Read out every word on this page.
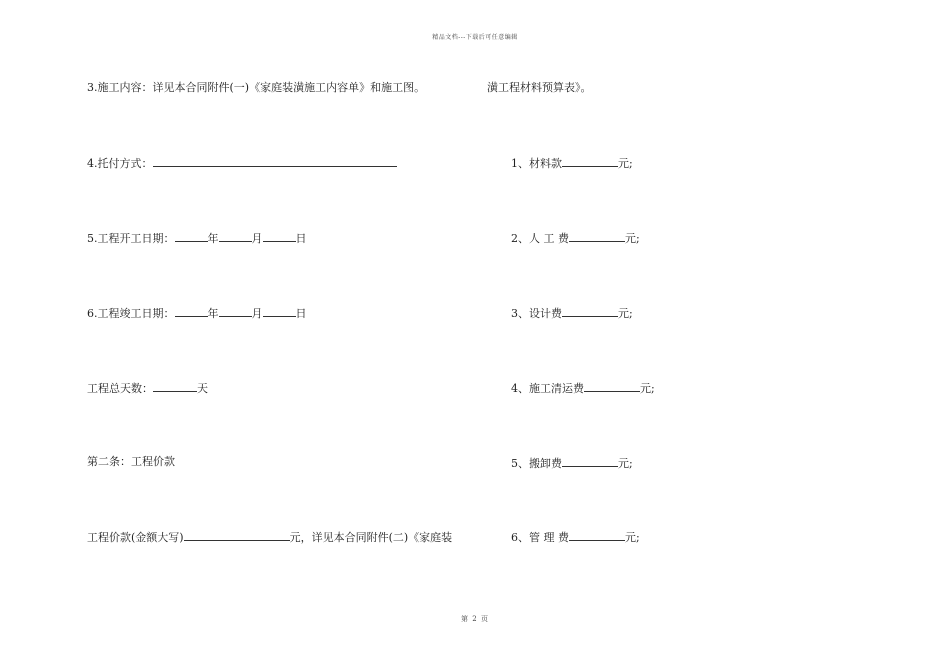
精品文档---下载后可任意编辑
3.施工内容：详见本合同附件(一)《家庭装潢施工内容单》和施工图。
4.托付方式：
5.工程开工日期：	年	月	日
6.工程竣工日期：	年	月	日
工程总天数：	天
第二条：工程价款
工程价款(金额大写)	元，详见本合同附件(二)《家庭装
潢工程材料预算表》。
1、材料款	元;
2、人 工 费	元;
3、设计费	元;
4、施工清运费	元;
5、搬卸费	元;
6、管 理 费	元;
第 2 页
